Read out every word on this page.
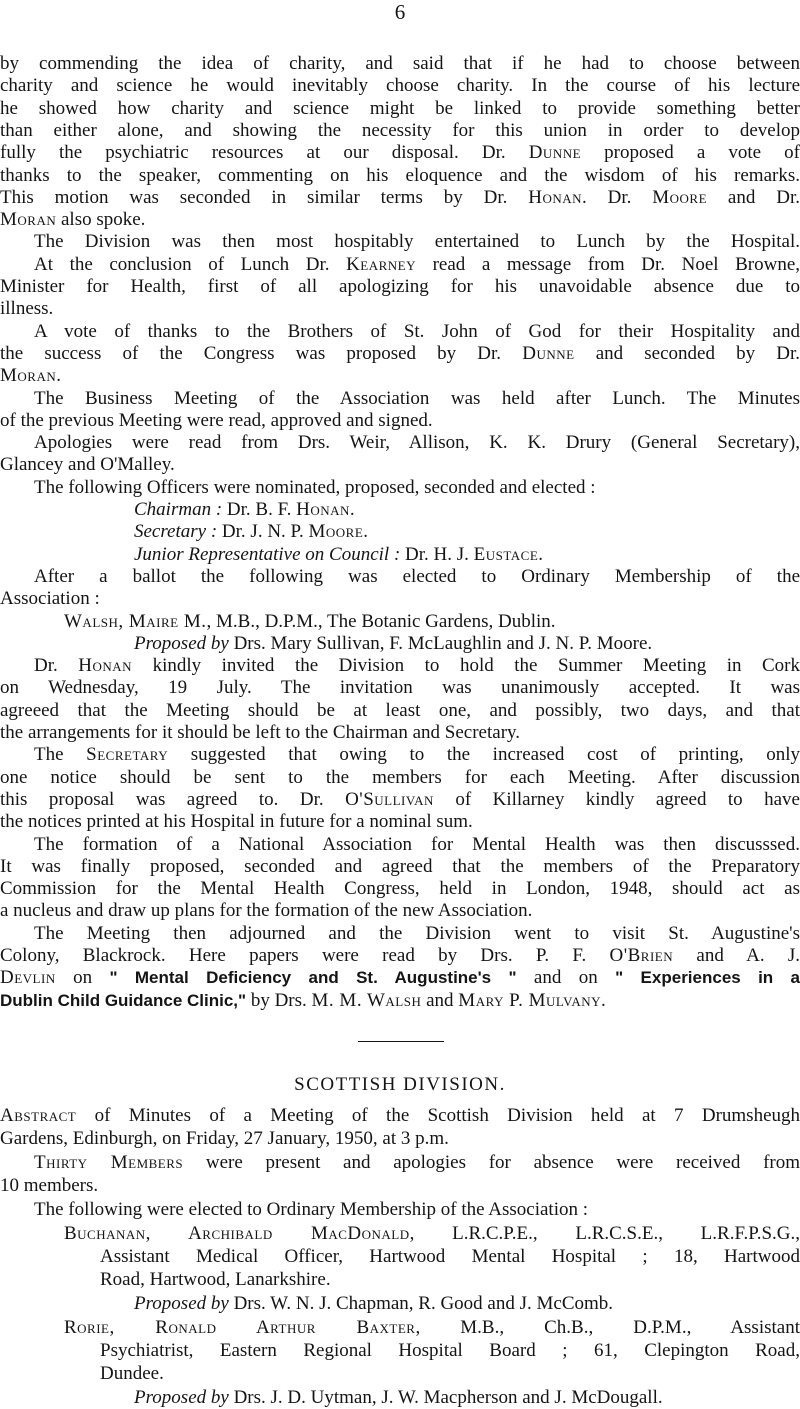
6

by commending the idea of charity, and said that if he had to choose between

charity and science he would inevitably choose charity. In the course of his lecture

he showed how charity and science might be linked to provide something better

than either alone, and showing the necessity for this union in order to develop

fully the psychiatric resources at our disposal. Dr. Dunne proposed a vote of

thanks to the speaker, commenting on his eloquence and the wisdom of his remarks.

This motion was seconded in similar terms by Dr. Honan. Dr. Moore and Dr.

Moran also spoke.

The Division was then most hospitably entertained to Lunch by the Hospital.

At the conclusion of Lunch Dr. Kearney read a message from Dr. Noel Browne,

Minister for Health, first of all apologizing for his unavoidable absence due to

illness.

A vote of thanks to the Brothers of St. John of God for their Hospitality and

the success of the Congress was proposed by Dr. Dunne and seconded by Dr.

Moran.

The Business Meeting of the Association was held after Lunch. The Minutes

of the previous Meeting were read, approved and signed.

Apologies were read from Drs. Weir, Allison, K. K. Drury (General Secretary),

Glancey and O'Malley.

The following Officers were nominated, proposed, seconded and elected :

Chairman : Dr. B. F. Honan.

Secretary : Dr. J. N. P. Moore.

Junior Representative on Council : Dr. H. J. Eustace.

After a ballot the following was elected to Ordinary Membership of the

Association :

Walsh, Maire M., M.B., D.P.M., The Botanic Gardens, Dublin.

Proposed by Drs. Mary Sullivan, F. McLaughlin and J. N. P. Moore.

Dr. Honan kindly invited the Division to hold the Summer Meeting in Cork

on Wednesday, 19 July. The invitation was unanimously accepted. It was

agreeed that the Meeting should be at least one, and possibly, two days, and that

the arrangements for it should be left to the Chairman and Secretary.

The Secretary suggested that owing to the increased cost of printing, only

one notice should be sent to the members for each Meeting. After discussion

this proposal was agreed to. Dr. O'Sullivan of Killarney kindly agreed to have

the notices printed at his Hospital in future for a nominal sum.

The formation of a National Association for Mental Health was then discusssed.

It was finally proposed, seconded and agreed that the members of the Preparatory

Commission for the Mental Health Congress, held in London, 1948, should act as

a nucleus and draw up plans for the formation of the new Association.

The Meeting then adjourned and the Division went to visit St. Augustine's

Colony, Blackrock. Here papers were read by Drs. P. F. O'Brien and A. J.

Devlin on " Mental Deficiency and St. Augustine's " and on " Experiences in a

Dublin Child Guidance Clinic," by Drs. M. M. Walsh and Mary P. Mulvany.

Abstract of Minutes of a Meeting of the Scottish Division held at 7 Drumsheugh

Gardens, Edinburgh, on Friday, 27 January, 1950, at 3 p.m.

Thirty Members were present and apologies for absence were received from

10 members.

The following were elected to Ordinary Membership of the Association :

Buchanan, Archibald MacDonald, L.R.C.P.E., L.R.C.S.E., L.R.F.P.S.G.,

Assistant Medical Officer, Hartwood Mental Hospital ; 18, Hartwood

Road, Hartwood, Lanarkshire.

Proposed by Drs. W. N. J. Chapman, R. Good and J. McComb.

Rorie, Ronald Arthur Baxter, M.B., Ch.B., D.P.M., Assistant

Psychiatrist, Eastern Regional Hospital Board ; 61, Clepington Road,

Dundee.

Proposed by Drs. J. D. Uytman, J. W. Macpherson and J. McDougall.

SCOTTISH DIVISION.
